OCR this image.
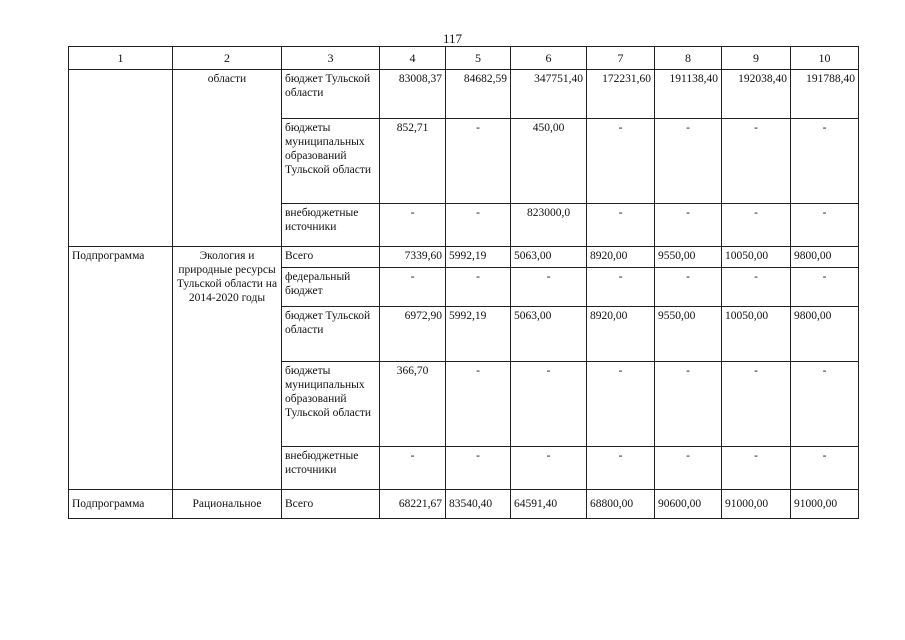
117
1	2	3	4	5	6	7	8	9	10
	области	бюджет Тульской области	83008,37	84682,59	347751,40	172231,60	191138,40	192038,40	191788,40
		бюджеты муниципальных образований Тульской области	852,71	-	450,00	-	-	-	-
		внебюджетные источники	-	-	823000,0	-	-	-	-
Подпрограмма	Экология и природные ресурсы Тульской области на 2014-2020 годы	Всего	7339,60	5992,19	5063,00	8920,00	9550,00	10050,00	9800,00
		федеральный бюджет	-	-	-	-	-	-	-
		бюджет Тульской области	6972,90	5992,19	5063,00	8920,00	9550,00	10050,00	9800,00
		бюджеты муниципальных образований Тульской области	366,70	-	-	-	-	-	-
		внебюджетные источники	-	-	-	-	-	-	-
Подпрограмма	Рациональное	Всего	68221,67	83540,40	64591,40	68800,00	90600,00	91000,00	91000,00
